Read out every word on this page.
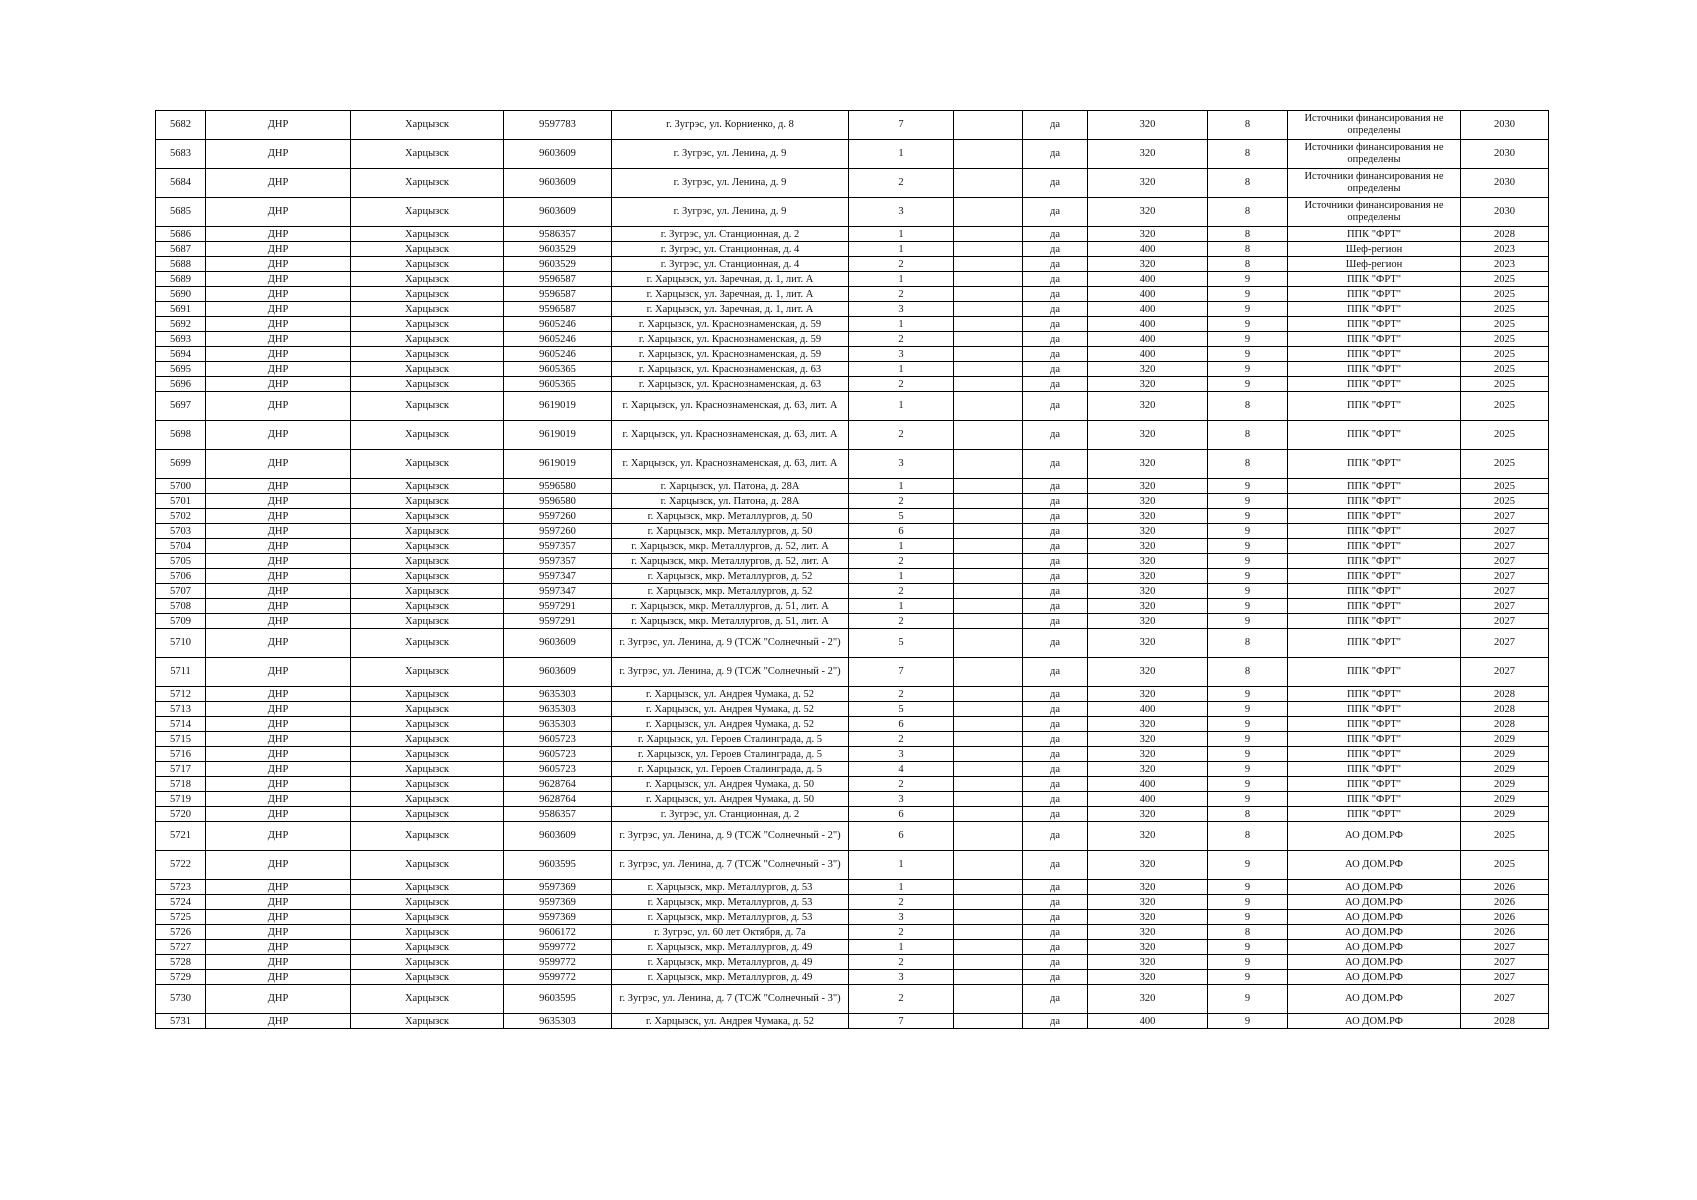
5682	ДНР	Харцызск	9597783	г. Зугрэс, ул. Корниенко, д. 8	7		да	320	8	Источники финансирования не определены	2030
5683	ДНР	Харцызск	9603609	г. Зугрэс, ул. Ленина, д. 9	1		да	320	8	Источники финансирования не определены	2030
5684	ДНР	Харцызск	9603609	г. Зугрэс, ул. Ленина, д. 9	2		да	320	8	Источники финансирования не определены	2030
5685	ДНР	Харцызск	9603609	г. Зугрэс, ул. Ленина, д. 9	3		да	320	8	Источники финансирования не определены	2030
5686	ДНР	Харцызск	9586357	г. Зугрэс, ул. Станционная, д. 2	1		да	320	8	ППК "ФРТ"	2028
5687	ДНР	Харцызск	9603529	г. Зугрэс, ул. Станционная, д. 4	1		да	400	8	Шеф-регион	2023
5688	ДНР	Харцызск	9603529	г. Зугрэс, ул. Станционная, д. 4	2		да	320	8	Шеф-регион	2023
5689	ДНР	Харцызск	9596587	г. Харцызск, ул. Заречная, д. 1, лит. А	1		да	400	9	ППК "ФРТ"	2025
5690	ДНР	Харцызск	9596587	г. Харцызск, ул. Заречная, д. 1, лит. А	2		да	400	9	ППК "ФРТ"	2025
5691	ДНР	Харцызск	9596587	г. Харцызск, ул. Заречная, д. 1, лит. А	3		да	400	9	ППК "ФРТ"	2025
5692	ДНР	Харцызск	9605246	г. Харцызск, ул. Краснознаменская, д. 59	1		да	400	9	ППК "ФРТ"	2025
5693	ДНР	Харцызск	9605246	г. Харцызск, ул. Краснознаменская, д. 59	2		да	400	9	ППК "ФРТ"	2025
5694	ДНР	Харцызск	9605246	г. Харцызск, ул. Краснознаменская, д. 59	3		да	400	9	ППК "ФРТ"	2025
5695	ДНР	Харцызск	9605365	г. Харцызск, ул. Краснознаменская, д. 63	1		да	320	9	ППК "ФРТ"	2025
5696	ДНР	Харцызск	9605365	г. Харцызск, ул. Краснознаменская, д. 63	2		да	320	9	ППК "ФРТ"	2025
5697	ДНР	Харцызск	9619019	г. Харцызск, ул. Краснознаменская, д. 63, лит. А	1		да	320	8	ППК "ФРТ"	2025
5698	ДНР	Харцызск	9619019	г. Харцызск, ул. Краснознаменская, д. 63, лит. А	2		да	320	8	ППК "ФРТ"	2025
5699	ДНР	Харцызск	9619019	г. Харцызск, ул. Краснознаменская, д. 63, лит. А	3		да	320	8	ППК "ФРТ"	2025
5700	ДНР	Харцызск	9596580	г. Харцызск, ул. Патона, д. 28А	1		да	320	9	ППК "ФРТ"	2025
5701	ДНР	Харцызск	9596580	г. Харцызск, ул. Патона, д. 28А	2		да	320	9	ППК "ФРТ"	2025
5702	ДНР	Харцызск	9597260	г. Харцызск, мкр. Металлургов, д. 50	5		да	320	9	ППК "ФРТ"	2027
5703	ДНР	Харцызск	9597260	г. Харцызск, мкр. Металлургов, д. 50	6		да	320	9	ППК "ФРТ"	2027
5704	ДНР	Харцызск	9597357	г. Харцызск, мкр. Металлургов, д. 52, лит. А	1		да	320	9	ППК "ФРТ"	2027
5705	ДНР	Харцызск	9597357	г. Харцызск, мкр. Металлургов, д. 52, лит. А	2		да	320	9	ППК "ФРТ"	2027
5706	ДНР	Харцызск	9597347	г. Харцызск, мкр. Металлургов, д. 52	1		да	320	9	ППК "ФРТ"	2027
5707	ДНР	Харцызск	9597347	г. Харцызск, мкр. Металлургов, д. 52	2		да	320	9	ППК "ФРТ"	2027
5708	ДНР	Харцызск	9597291	г. Харцызск, мкр. Металлургов, д. 51, лит. А	1		да	320	9	ППК "ФРТ"	2027
5709	ДНР	Харцызск	9597291	г. Харцызск, мкр. Металлургов, д. 51, лит. А	2		да	320	9	ППК "ФРТ"	2027
5710	ДНР	Харцызск	9603609	г. Зугрэс, ул. Ленина, д. 9 (ТСЖ "Солнечный - 2")	5		да	320	8	ППК "ФРТ"	2027
5711	ДНР	Харцызск	9603609	г. Зугрэс, ул. Ленина, д. 9 (ТСЖ "Солнечный - 2")	7		да	320	8	ППК "ФРТ"	2027
5712	ДНР	Харцызск	9635303	г. Харцызск, ул. Андрея Чумака, д. 52	2		да	320	9	ППК "ФРТ"	2028
5713	ДНР	Харцызск	9635303	г. Харцызск, ул. Андрея Чумака, д. 52	5		да	400	9	ППК "ФРТ"	2028
5714	ДНР	Харцызск	9635303	г. Харцызск, ул. Андрея Чумака, д. 52	6		да	320	9	ППК "ФРТ"	2028
5715	ДНР	Харцызск	9605723	г. Харцызск, ул. Героев Сталинграда, д. 5	2		да	320	9	ППК "ФРТ"	2029
5716	ДНР	Харцызск	9605723	г. Харцызск, ул. Героев Сталинграда, д. 5	3		да	320	9	ППК "ФРТ"	2029
5717	ДНР	Харцызск	9605723	г. Харцызск, ул. Героев Сталинграда, д. 5	4		да	320	9	ППК "ФРТ"	2029
5718	ДНР	Харцызск	9628764	г. Харцызск, ул. Андрея Чумака, д. 50	2		да	400	9	ППК "ФРТ"	2029
5719	ДНР	Харцызск	9628764	г. Харцызск, ул. Андрея Чумака, д. 50	3		да	400	9	ППК "ФРТ"	2029
5720	ДНР	Харцызск	9586357	г. Зугрэс, ул. Станционная, д. 2	6		да	320	8	ППК "ФРТ"	2029
5721	ДНР	Харцызск	9603609	г. Зугрэс, ул. Ленина, д. 9 (ТСЖ "Солнечный - 2")	6		да	320	8	АО ДОМ.РФ	2025
5722	ДНР	Харцызск	9603595	г. Зугрэс, ул. Ленина, д. 7 (ТСЖ "Солнечный - 3")	1		да	320	9	АО ДОМ.РФ	2025
5723	ДНР	Харцызск	9597369	г. Харцызск, мкр. Металлургов, д. 53	1		да	320	9	АО ДОМ.РФ	2026
5724	ДНР	Харцызск	9597369	г. Харцызск, мкр. Металлургов, д. 53	2		да	320	9	АО ДОМ.РФ	2026
5725	ДНР	Харцызск	9597369	г. Харцызск, мкр. Металлургов, д. 53	3		да	320	9	АО ДОМ.РФ	2026
5726	ДНР	Харцызск	9606172	г. Зугрэс, ул. 60 лет Октября, д. 7а	2		да	320	8	АО ДОМ.РФ	2026
5727	ДНР	Харцызск	9599772	г. Харцызск, мкр. Металлургов, д. 49	1		да	320	9	АО ДОМ.РФ	2027
5728	ДНР	Харцызск	9599772	г. Харцызск, мкр. Металлургов, д. 49	2		да	320	9	АО ДОМ.РФ	2027
5729	ДНР	Харцызск	9599772	г. Харцызск, мкр. Металлургов, д. 49	3		да	320	9	АО ДОМ.РФ	2027
5730	ДНР	Харцызск	9603595	г. Зугрэс, ул. Ленина, д. 7 (ТСЖ "Солнечный - 3")	2		да	320	9	АО ДОМ.РФ	2027
5731	ДНР	Харцызск	9635303	г. Харцызск, ул. Андрея Чумака, д. 52	7		да	400	9	АО ДОМ.РФ	2028
